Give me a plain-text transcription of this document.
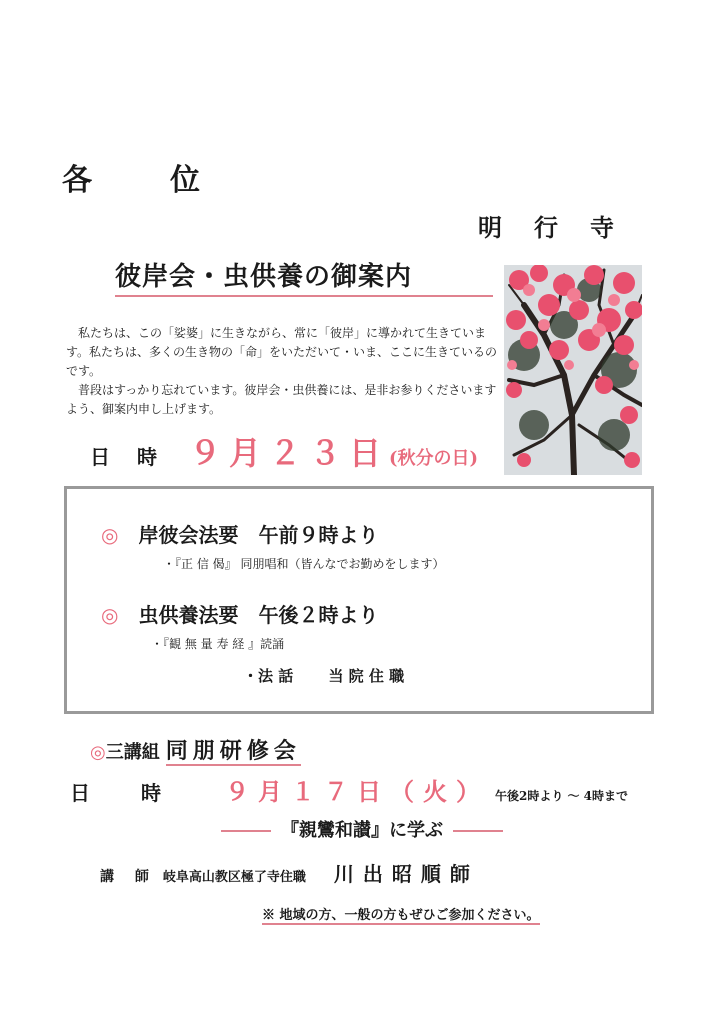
各　　位
明　行　寺
彼岸会・虫供養の御案内

私たちは、この「娑婆」に生きながら、常に「彼岸」に導かれて生きています。私たちは、多くの生き物の「命」をいただいて・いま、ここに生きているのです。

普段はすっかり忘れています。彼岸会・虫供養には、是非お参りくださいますよう、御案内申し上げます。

日 時 ９月２３日(秋分の日)
◎　 岸彼会法要　午前９時より
・『正 信 偈』 同朋唱和（皆んなでお勤めをします）
◎　 虫供養法要　午後２時より
・『観 無 量 寿 経 』読誦
・法 話　　 当 院 住 職
◎三講組 同朋研修会
日 時 ９月１７日（火） 午後2時より ～ 4時まで
『親鸞和讃』に学ぶ
講 師 岐阜高山教区極了寺住職 川出昭順師
※ 地域の方、一般の方もぜひご参加ください。
